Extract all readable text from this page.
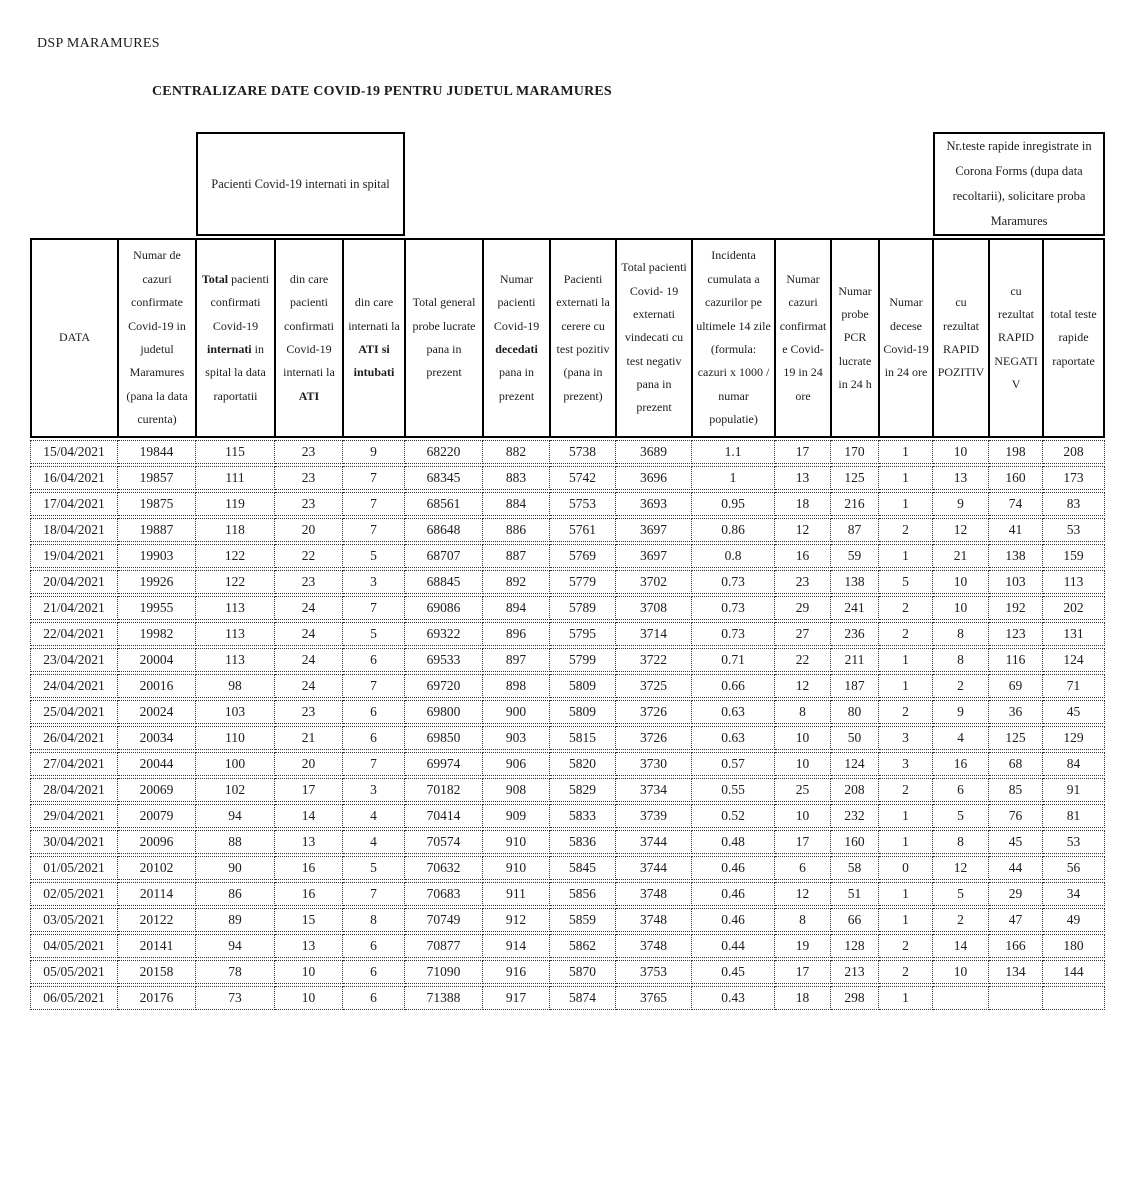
DSP MARAMURES
CENTRALIZARE DATE COVID-19 PENTRU JUDETUL MARAMURES
		Pacienti Covid-19 internati in spital											Nr.teste rapide inregistrate in Corona Forms (dupa data recoltarii), solicitare proba Maramures		
DATA	Numar de cazuri confirmate Covid-19 in judetul Maramures (pana la data curenta)	Total pacienti confirmati Covid-19 internati in spital la data raportatii	din care pacienti confirmati Covid-19 internati la ATI	din care internati la ATI si intubati	Total general probe lucrate pana in prezent	Numar pacienti Covid-19 decedati pana in prezent	Pacienti externati la cerere cu test pozitiv (pana in prezent)	Total pacienti Covid- 19 externati vindecati cu test negativ pana in prezent	Incidenta cumulata a cazurilor pe ultimele 14 zile (formula: cazuri x 1000 / numar populatie)	Numar cazuri confirmate Covid-19 in 24 ore	Numar probe PCR lucrate in 24 h	Numar decese Covid-19 in 24 ore	cu rezultat RAPID POZITIV	cu rezultat RAPID NEGATIV	total teste rapide raportate
15/04/2021	19844	115	23	9	68220	882	5738	3689	1.1	17	170	1	10	198	208
16/04/2021	19857	111	23	7	68345	883	5742	3696	1	13	125	1	13	160	173
17/04/2021	19875	119	23	7	68561	884	5753	3693	0.95	18	216	1	9	74	83
18/04/2021	19887	118	20	7	68648	886	5761	3697	0.86	12	87	2	12	41	53
19/04/2021	19903	122	22	5	68707	887	5769	3697	0.8	16	59	1	21	138	159
20/04/2021	19926	122	23	3	68845	892	5779	3702	0.73	23	138	5	10	103	113
21/04/2021	19955	113	24	7	69086	894	5789	3708	0.73	29	241	2	10	192	202
22/04/2021	19982	113	24	5	69322	896	5795	3714	0.73	27	236	2	8	123	131
23/04/2021	20004	113	24	6	69533	897	5799	3722	0.71	22	211	1	8	116	124
24/04/2021	20016	98	24	7	69720	898	5809	3725	0.66	12	187	1	2	69	71
25/04/2021	20024	103	23	6	69800	900	5809	3726	0.63	8	80	2	9	36	45
26/04/2021	20034	110	21	6	69850	903	5815	3726	0.63	10	50	3	4	125	129
27/04/2021	20044	100	20	7	69974	906	5820	3730	0.57	10	124	3	16	68	84
28/04/2021	20069	102	17	3	70182	908	5829	3734	0.55	25	208	2	6	85	91
29/04/2021	20079	94	14	4	70414	909	5833	3739	0.52	10	232	1	5	76	81
30/04/2021	20096	88	13	4	70574	910	5836	3744	0.48	17	160	1	8	45	53
01/05/2021	20102	90	16	5	70632	910	5845	3744	0.46	6	58	0	12	44	56
02/05/2021	20114	86	16	7	70683	911	5856	3748	0.46	12	51	1	5	29	34
03/05/2021	20122	89	15	8	70749	912	5859	3748	0.46	8	66	1	2	47	49
04/05/2021	20141	94	13	6	70877	914	5862	3748	0.44	19	128	2	14	166	180
05/05/2021	20158	78	10	6	71090	916	5870	3753	0.45	17	213	2	10	134	144
06/05/2021	20176	73	10	6	71388	917	5874	3765	0.43	18	298	1			
